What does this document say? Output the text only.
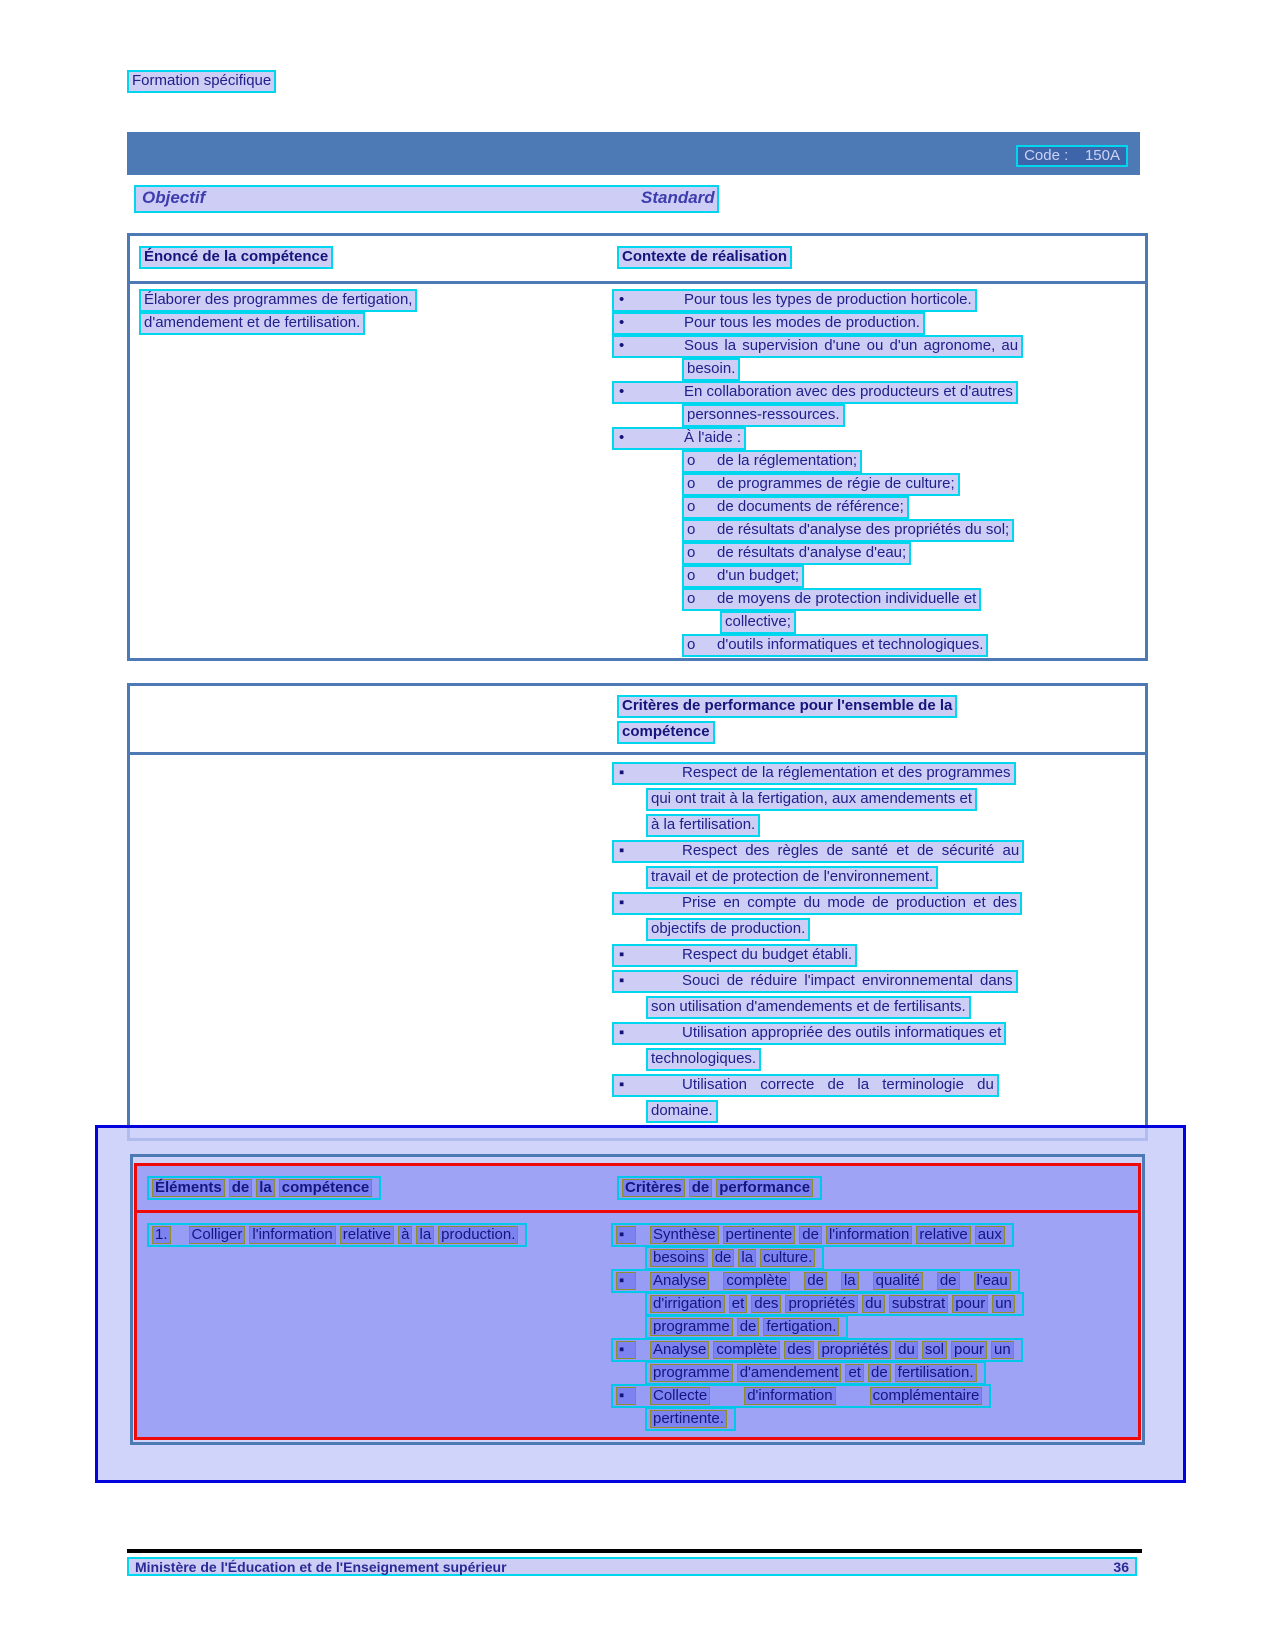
Formation spécifique
Code :    150A
Objectif	Standard
Énoncé de la compétence	Contexte de réalisation
Élaborer des programmes de fertigation,
d'amendement et de fertilisation.
•	Pour tous les types de production horticole.
•	Pour tous les modes de production.
•	Sous la supervision d'une ou d'un agronome, au
besoin.
•	En collaboration avec des producteurs et d'autres
personnes-ressources.
•	À l'aide :
o de la réglementation;
o de programmes de régie de culture;
o de documents de référence;
o de résultats d'analyse des propriétés du sol;
o de résultats d'analyse d'eau;
o d'un budget;
o de moyens de protection individuelle et
collective;
o d'outils informatiques et technologiques.
Critères de performance pour l'ensemble de la
compétence
▪	Respect de la réglementation et des programmes
qui ont trait à la fertigation, aux amendements et
à la fertilisation.
▪	Respect des règles de santé et de sécurité au
travail et de protection de l'environnement.
▪	Prise en compte du mode de production et des
objectifs de production.
▪	Respect du budget établi.
▪	Souci de réduire l'impact environnemental dans
son utilisation d'amendements et de fertilisants.
▪	Utilisation appropriée des outils informatiques et
technologiques.
▪	Utilisation correcte de la terminologie du
domaine.
Éléments de la compétence	Critères de performance
1. Colliger l'information relative à la production.	▪ Synthèse pertinente de l'information relative aux
besoins de la culture.
▪ Analyse complète de la qualité de l'eau
d'irrigation et des propriétés du substrat pour un
programme de fertigation.
▪ Analyse complète des propriétés du sol pour un
programme d'amendement et de fertilisation.
▪ Collecte	d'information	complémentaire
pertinente.
Ministère de l'Éducation et de l'Enseignement supérieur	36
